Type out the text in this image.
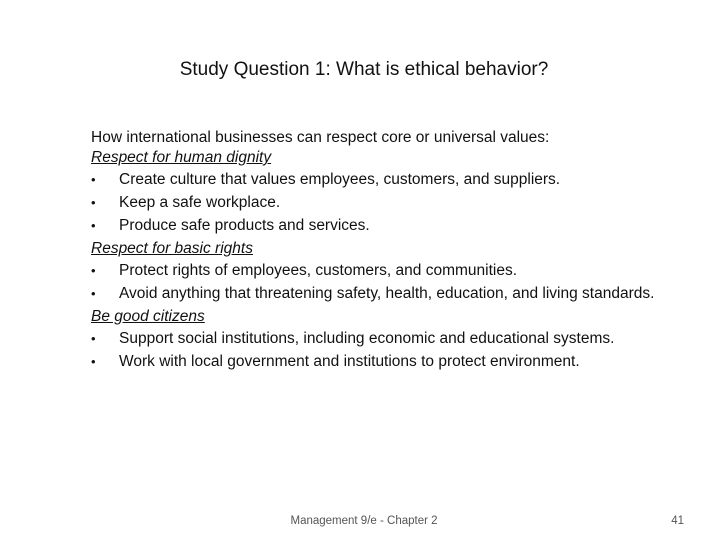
Study Question 1: What is ethical behavior?
How international businesses can respect core or universal values:
Respect for human dignity
• Create culture that values employees, customers, and suppliers.
• Keep a safe workplace.
• Produce safe products and services.
Respect for basic rights
• Protect rights of employees, customers, and communities.
• Avoid anything that threatening safety, health, education, and living standards.
Be good citizens
• Support social institutions, including economic and educational systems.
• Work with local government and institutions to protect environment.
Management 9/e - Chapter 2	41
